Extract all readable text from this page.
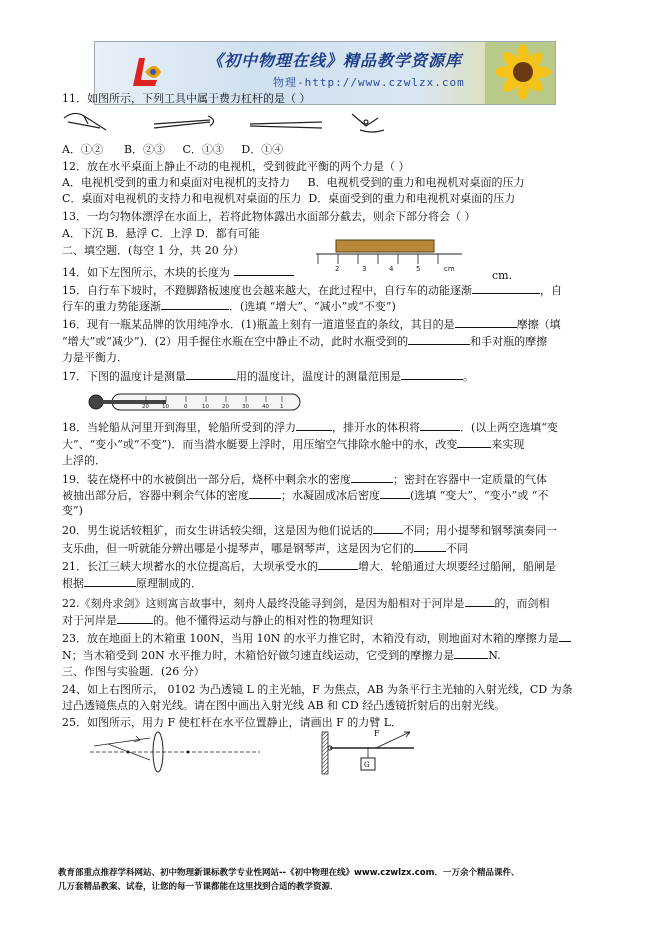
《初中物理在线》精品教学资源库
物理-http://www.czwlzx.com
11．如图所示，下列工具中属于费力杠杆的是（ ）
A．①② B．②③ C．①③ D．①④
12．放在水平桌面上静止不动的电视机，受到彼此平衡的两个力是（ ）
A．电视机受到的重力和桌面对电视机的支持力 B．电视机受到的重力和电视机对桌面的压力
C．桌面对电视机的支持力和电视机对桌面的压力 D．桌面受到的重力和电视机对桌面的压力
13．一均匀物体漂浮在水面上，若将此物体露出水面部分截去，则余下部分将会（ ）
A．下沉 B．悬浮 C．上浮 D．都有可能
二、填空题．(每空 1 分，共 20 分）
2	3	4	5	cm
14．如下左图所示，木块的长度为	cm.
15．自行车下坡时，不蹬脚踏板速度也会越来越大，在此过程中，自行车的动能逐渐	，自
行车的重力势能逐渐	．(选填 “增大”、“减小”或“不变”)
16．现有一瓶某品牌的饮用纯净水．(1)瓶盖上刻有一道道竖直的条纹，其目的是	摩擦（填
“增大”或“减少”)．(2）用手握住水瓶在空中静止不动，此时水瓶受到的	和手对瓶的摩擦
力是平衡力．
17．下图的温度计是测量	用的温度计，温度计的测量范围是	。
20 10	0	10 20 30 40 1
18．当轮船从河里开到海里，轮船所受到的浮力	，排开水的体积将	．(以上两空选填“变
大”、“变小”或“不变”)．而当潜水艇要上浮时，用压缩空气排除水舱中的水，改变	来实现
上浮的．
19．装在烧杯中的水被倒出一部分后，烧杯中剩余水的密度	；密封在容器中一定质量的气体
被抽出部分后，容器中剩余气体的密度	；水凝固成冰后密度	(选填 “变大”、“变小”或 “不
变”)
20．男生说话较粗犷，而女生讲话较尖细，这是因为他们说话的	不同；用小提琴和钢琴演奏同一
支乐曲，但一听就能分辨出哪是小提琴声，哪是钢琴声，这是因为它们的	不同
21．长江三峡大坝蓄水的水位提高后，大坝承受水的	增大．轮船通过大坝要经过船闸，船闸是
根据	原理制成的．
22.《刻舟求剑》这则寓言故事中，刻舟人最终没能寻到剑，是因为船相对于河岸是	的，而剑相
对于河岸是	的。他不懂得运动与静止的相对性的物理知识
23．放在地面上的木箱重 100N，当用 10N 的水平力推它时，木箱没有动，则地面对木箱的摩擦力是
N；当木箱受到 20N 水平推力时，木箱恰好做匀速直线运动，它受到的摩擦力是	N.
三、作图与实验题．(26 分）
24、如上右图所示， 0102 为凸透镜 L 的主光轴，F 为焦点，AB 为条平行主光轴的入射光线，CD 为条
过凸透镜焦点的入射光线。请在图中画出入射光线 AB 和 CD 经凸透镜折射后的出射光线。
25．如图所示，用力 F 使杠杆在水平位置静止，请画出 F 的力臂 L．
F
G
教育部重点推荐学科网站、初中物理新课标教学专业性网站--《初中物理在线》www.czwlzx.com．一万余个精品课件、
几万套精品教案、试卷，让您的每一节课都能在这里找到合适的教学资源．
